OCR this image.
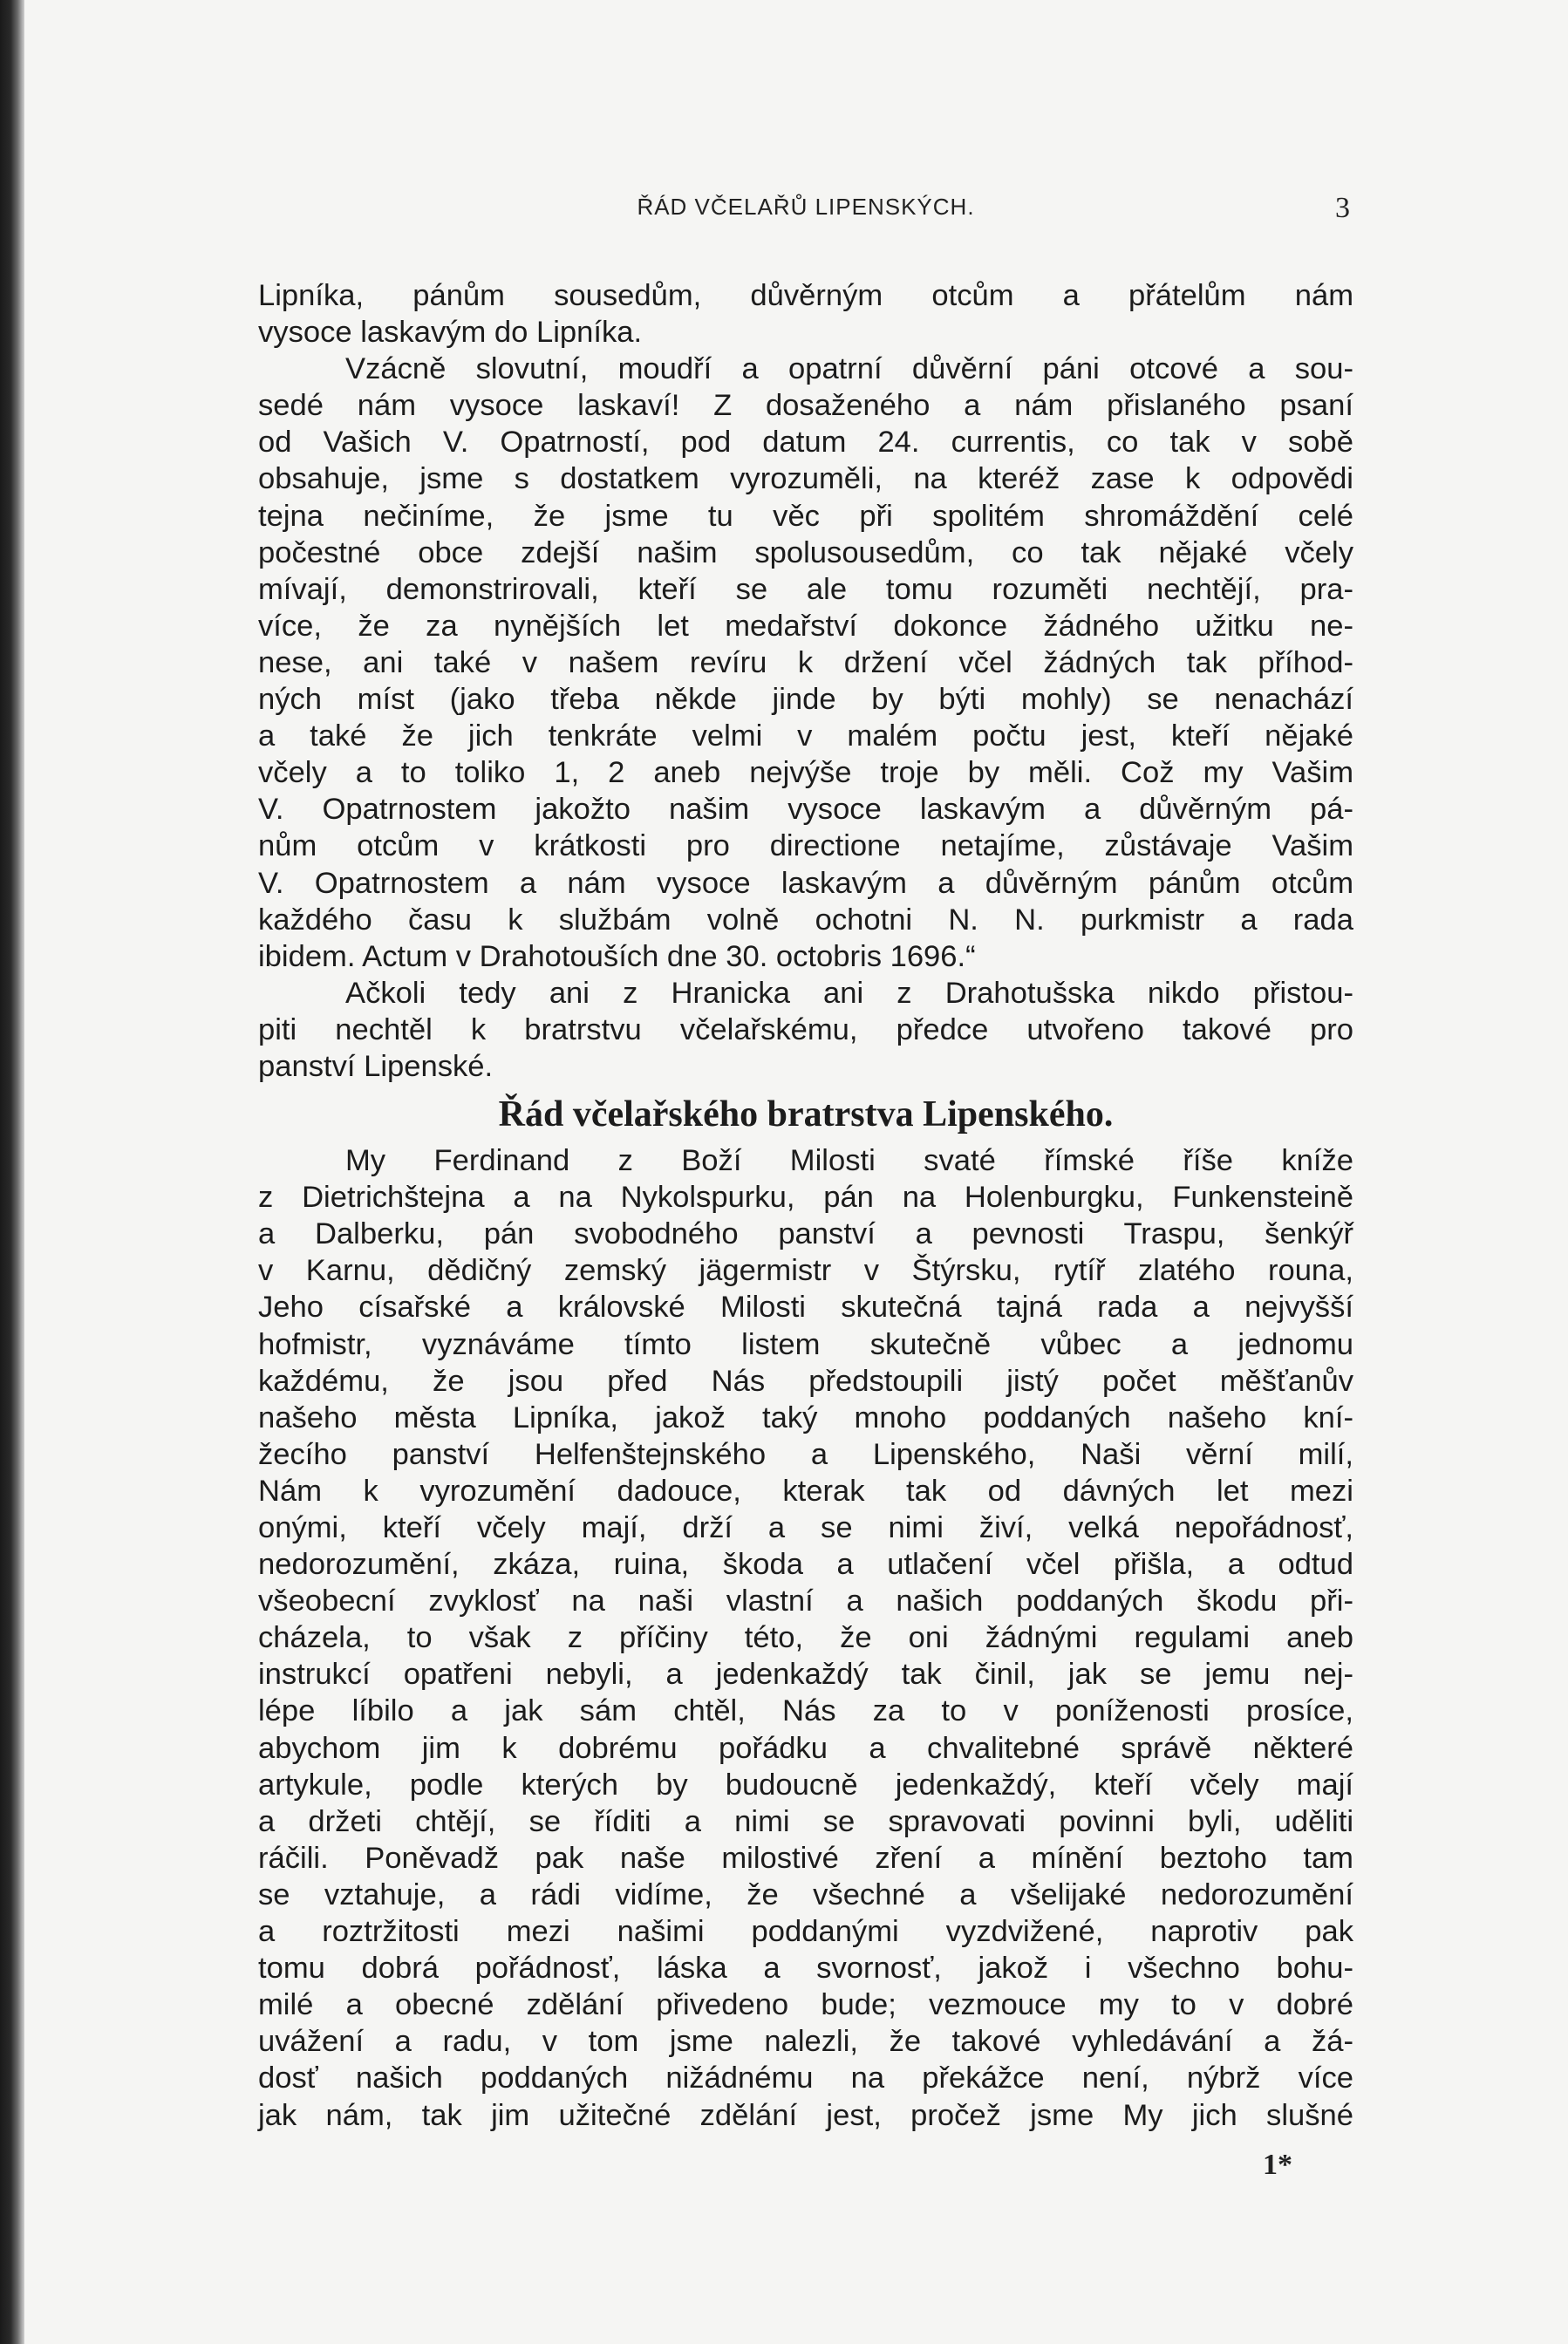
ŘÁD VČELAŘŮ LIPENSKÝCH.	3
Lipníka, pánům sousedům, důvěrným otcům a přátelům nám
vysoce laskavým do Lipníka.
Vzácně slovutní, moudří a opatrní důvěrní páni otcové a sou-
sedé nám vysoce laskaví! Z dosaženého a nám přislaného psaní
od Vašich V. Opatrností, pod datum 24. currentis, co tak v sobě
obsahuje, jsme s dostatkem vyrozuměli, na kteréž zase k odpovědi
tejna nečiníme, že jsme tu věc při spolitém shromáždění celé
počestné obce zdejší našim spolusousedům, co tak nějaké včely
mívají, demonstrirovali, kteří se ale tomu rozuměti nechtějí, pra-
více, že za nynějších let medařství dokonce žádného užitku ne-
nese, ani také v našem revíru k držení včel žádných tak příhod-
ných míst (jako třeba někde jinde by býti mohly) se nenachází
a také že jich tenkráte velmi v malém počtu jest, kteří nějaké
včely a to toliko 1, 2 aneb nejvýše troje by měli. Což my Vašim
V. Opatrnostem jakožto našim vysoce laskavým a důvěrným pá-
nům otcům v krátkosti pro directione netajíme, zůstávaje Vašim
V. Opatrnostem a nám vysoce laskavým a důvěrným pánům otcům
každého času k službám volně ochotni N. N. purkmistr a rada
ibidem. Actum v Drahotouších dne 30. octobris 1696.“
Ačkoli tedy ani z Hranicka ani z Drahotušska nikdo přistou-
piti nechtěl k bratrstvu včelařskému, předce utvořeno takové pro
panství Lipenské.
Řád včelařského bratrstva Lipenského.
My Ferdinand z Boží Milosti svaté římské říše kníže
z Dietrichštejna a na Nykolspurku, pán na Holenburgku, Funkensteině
a Dalberku, pán svobodného panství a pevnosti Traspu, šenkýř
v Karnu, dědičný zemský jägermistr v Štýrsku, rytíř zlatého rouna,
Jeho císařské a královské Milosti skutečná tajná rada a nejvyšší
hofmistr, vyznáváme tímto listem skutečně vůbec a jednomu
každému, že jsou před Nás předstoupili jistý počet měšťanův
našeho města Lipníka, jakož taký mnoho poddaných našeho kní-
žecího panství Helfenštejnského a Lipenského, Naši věrní milí,
Nám k vyrozumění dadouce, kterak tak od dávných let mezi
onými, kteří včely mají, drží a se nimi živí, velká nepořádnosť,
nedorozumění, zkáza, ruina, škoda a utlačení včel přišla, a odtud
všeobecní zvyklosť na naši vlastní a našich poddaných škodu při-
cházela, to však z příčiny této, že oni žádnými regulami aneb
instrukcí opatřeni nebyli, a jedenkaždý tak činil, jak se jemu nej-
lépe líbilo a jak sám chtěl, Nás za to v poníženosti prosíce,
abychom jim k dobrému pořádku a chvalitebné správě některé
artykule, podle kterých by budoucně jedenkaždý, kteří včely mají
a držeti chtějí, se říditi a nimi se spravovati povinni byli, uděliti
ráčili. Poněvadž pak naše milostivé zření a mínění beztoho tam
se vztahuje, a rádi vidíme, že všechné a všelijaké nedorozumění
a roztržitosti mezi našimi poddanými vyzdvižené, naprotiv pak
tomu dobrá pořádnosť, láska a svornosť, jakož i všechno bohu-
milé a obecné zdělání přivedeno bude; vezmouce my to v dobré
uvážení a radu, v tom jsme nalezli, že takové vyhledávání a žá-
dosť našich poddaných nižádnému na překážce není, nýbrž více
jak nám, tak jim užitečné zdělání jest, pročež jsme My jich slušné
1*
